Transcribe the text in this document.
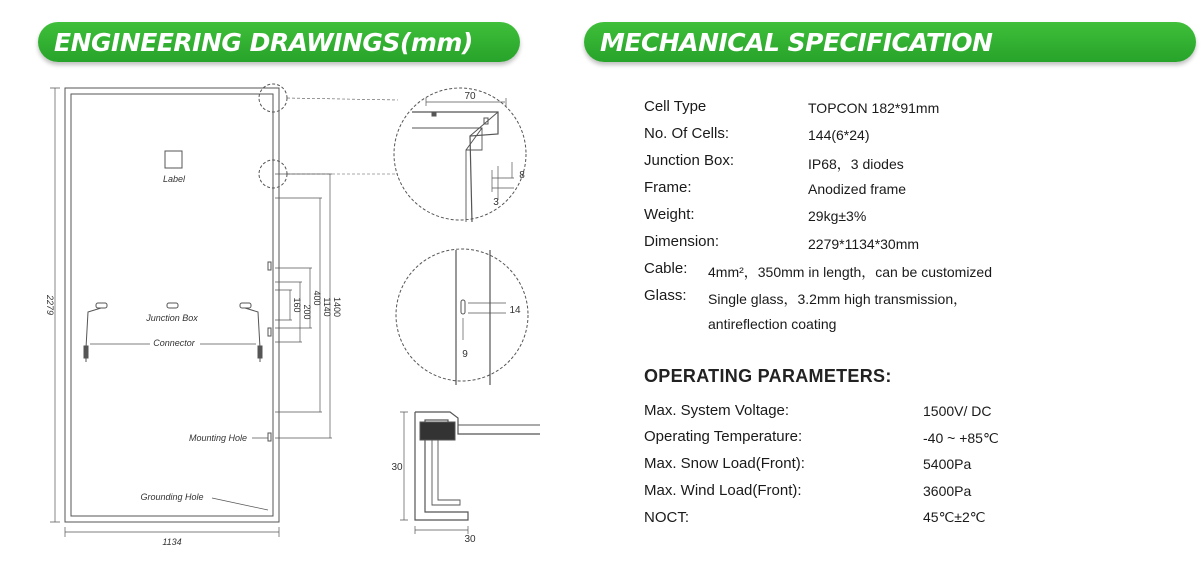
ENGINEERING DRAWINGS(mm)	MECHANICAL SPECIFICATION
Label
Junction Box
Connector
Mounting Hole
Grounding Hole
2279
1134
1400
1140
400
200
160
70
8
3
14
9
30
30
Cell Type	TOPCON 182*91mm
No. Of Cells:	144(6*24)
Junction Box:	IP68，3 diodes
Frame:	Anodized frame
Weight:	29kg±3%
Dimension:	2279*1134*30mm
Cable: 4mm²，350mm in length，can be customized
Glass: Single glass，3.2mm high transmission，
antireflection coating
OPERATING PARAMETERS:
Max. System Voltage:	1500V/ DC
Operating Temperature:	-40 ~ +85℃
Max. Snow Load(Front):	5400Pa
Max. Wind Load(Front):	3600Pa
NOCT:	45℃±2℃
